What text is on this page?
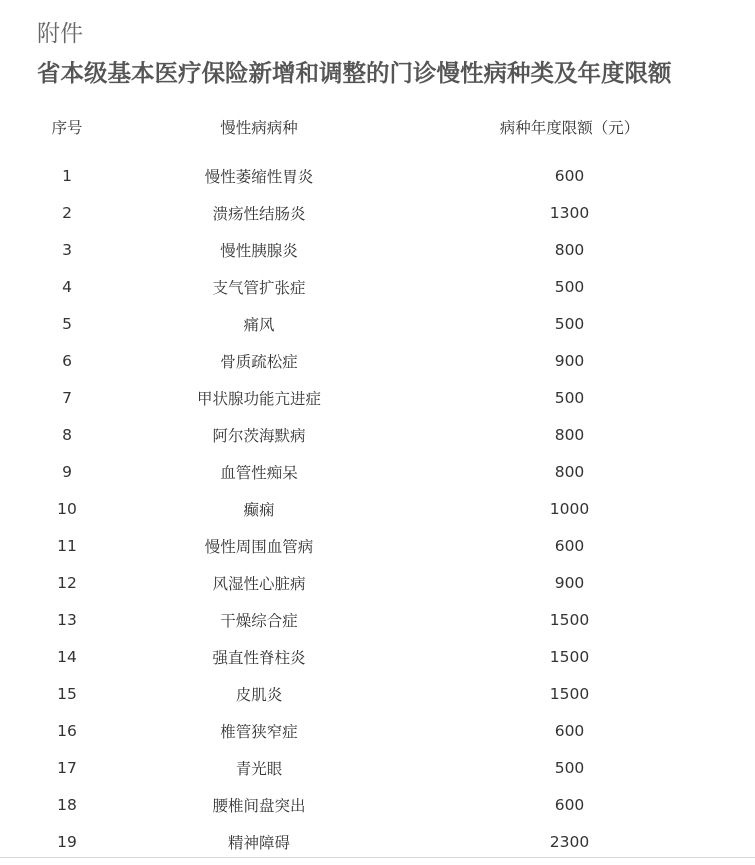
附件
省本级基本医疗保险新增和调整的门诊慢性病种类及年度限额
序号	慢性病病种	病种年度限额（元）

1	慢性萎缩性胃炎	600
2	溃疡性结肠炎	1300
3	慢性胰腺炎	800
4	支气管扩张症	500
5	痛风	500
6	骨质疏松症	900
7	甲状腺功能亢进症	500
8	阿尔茨海默病	800
9	血管性痴呆	800
10	癫痫	1000
11	慢性周围血管病	600
12	风湿性心脏病	900
13	干燥综合症	1500
14	强直性脊柱炎	1500
15	皮肌炎	1500
16	椎管狭窄症	600
17	青光眼	500
18	腰椎间盘突出	600
19	精神障碍	2300
